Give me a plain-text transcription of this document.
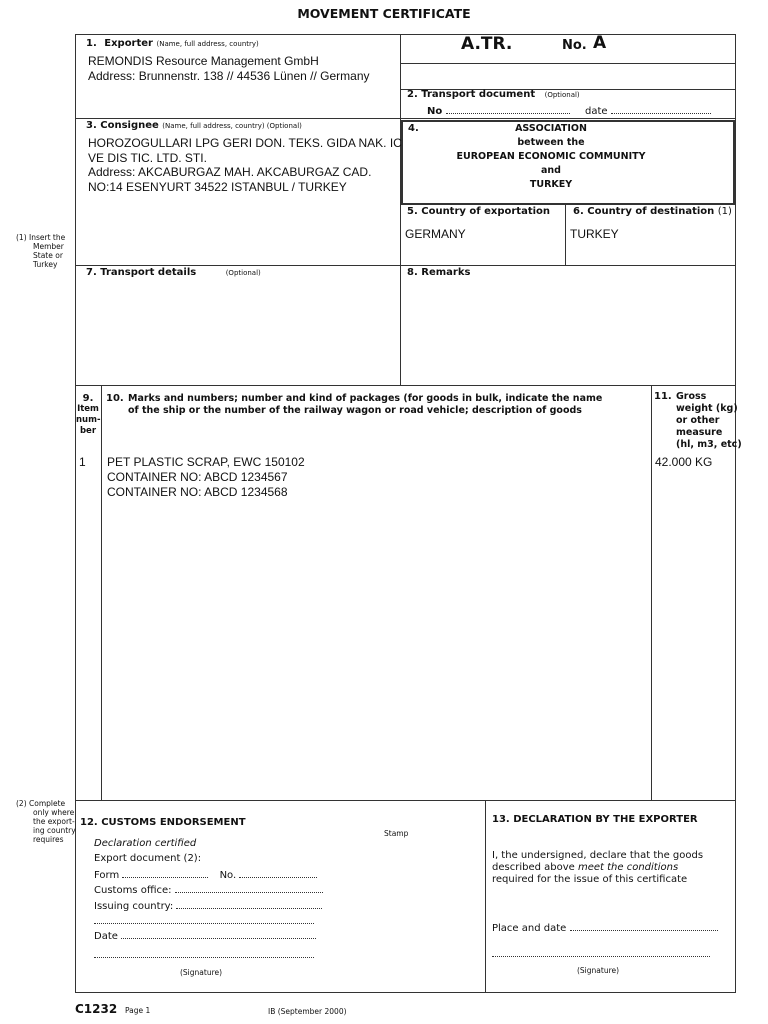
MOVEMENT CERTIFICATE
1. Exporter (Name, full address, country)
REMONDIS Resource Management GmbH
Address: Brunnenstr. 138 // 44536 Lünen // Germany
A.TR.	No. A
2. Transport document (Optional)
No	date
3. Consignee (Name, full address, country) (Optional)
HOROZOGULLARI LPG GERI DON. TEKS. GIDA NAK. IC
VE DIS TIC. LTD. STI.
Address: AKCABURGAZ MAH. AKCABURGAZ CAD.
NO:14 ESENYURT 34522 ISTANBUL / TURKEY
4.	ASSOCIATION
between the
EUROPEAN ECONOMIC COMMUNITY
and
TURKEY
5. Country of exportation
GERMANY
6. Country of destination (1)
TURKEY
7. Transport details	(Optional)	8. Remarks
9.
Item
num-
ber
1
10. Marks and numbers; number and kind of packages (for goods in bulk, indicate the name
of the ship or the number of the railway wagon or road vehicle; description of goods
PET PLASTIC SCRAP, EWC 150102
CONTAINER NO: ABCD 1234567
CONTAINER NO: ABCD 1234568
11. Gross
weight (kg)
or other
measure
(hl, m3, etc)
42.000 KG
(1) Insert the
Member
State or
Turkey
(2) Complete
only where
the export-
ing country
requires
12. CUSTOMS ENDORSEMENT
Stamp
Declaration certified
Export document (2):
Form	No.
Customs office:
Issuing country:
Date
(Signature)
13. DECLARATION BY THE EXPORTER
I, the undersigned, declare that the goods
described above meet the conditions
required for the issue of this certificate
Place and date
(Signature)
C1232 Page 1	IB (September 2000)
